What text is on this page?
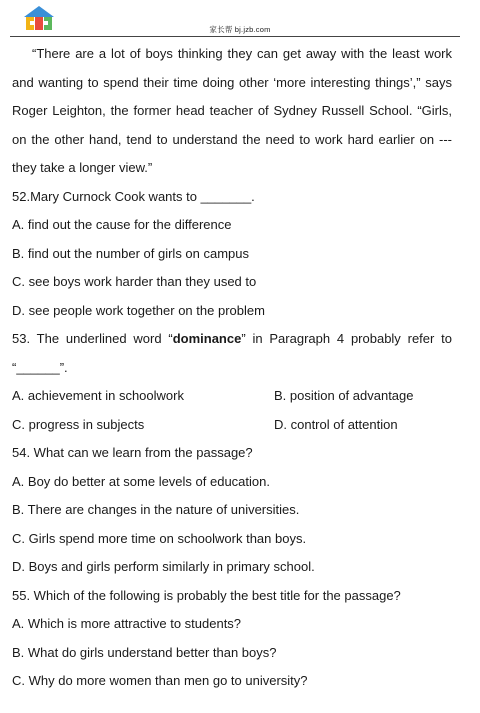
家长帮 bj.jzb.com
“There are a lot of boys thinking they can get away with the least work and wanting to spend their time doing other ‘more interesting things’,” says Roger Leighton, the former head teacher of Sydney Russell School. “Girls, on the other hand, tend to understand the need to work hard earlier on --- they take a longer view.”
52.Mary Curnock Cook wants to _______.
A. find out the cause for the difference
B. find out the number of girls on campus
C. see boys work harder than they used to
D. see people work together on the problem
53. The underlined word “dominance” in Paragraph 4 probably refer to
“______”.
A. achievement in schoolwork	B. position of advantage
C. progress in subjects	D. control of attention
54. What can we learn from the passage?
A. Boy do better at some levels of education.
B. There are changes in the nature of universities.
C. Girls spend more time on schoolwork than boys.
D. Boys and girls perform similarly in primary school.
55. Which of the following is probably the best title for the passage?
A. Which is more attractive to students?
B. What do girls understand better than boys?
C. Why do more women than men go to university?
